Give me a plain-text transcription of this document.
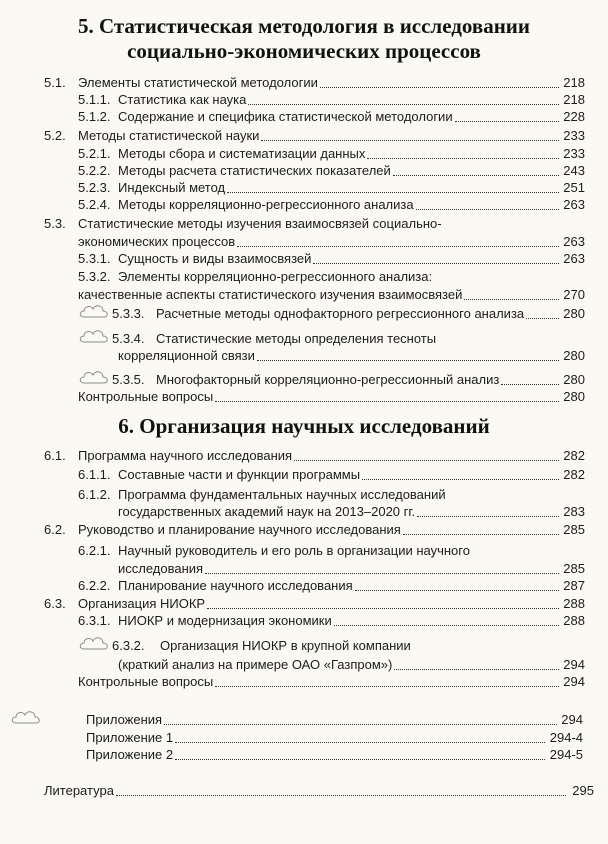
5. Статистическая методология в исследовании
социально-экономических процессов
5.1. Элементы статистической методологии	218
5.1.1. Статистика как наука	218
5.1.2. Содержание и специфика статистической методологии	228
5.2. Методы статистической науки	233
5.2.1. Методы сбора и систематизации данных	233
5.2.2. Методы расчета статистических показателей	243
5.2.3. Индексный метод	251
5.2.4. Методы корреляционно-регрессионного анализа	263
5.3. Статистические методы изучения взаимосвязей социально-
экономических процессов	263
5.3.1. Сущность и виды взаимосвязей	263
5.3.2. Элементы корреляционно-регрессионного анализа:
качественные аспекты статистического изучения взаимосвязей	270
5.3.3. Расчетные методы однофакторного регрессионного анализа	280
5.3.4. Статистические методы определения тесноты
корреляционной связи	280
5.3.5. Многофакторный корреляционно-регрессионный анализ	280
Контрольные вопросы	280
6. Организация научных исследований
6.1. Программа научного исследования	282
6.1.1. Составные части и функции программы	282
6.1.2. Программа фундаментальных научных исследований
государственных академий наук на 2013–2020 гг.	283
6.2. Руководство и планирование научного исследования	285
6.2.1. Научный руководитель и его роль в организации научного
исследования	285
6.2.2. Планирование научного исследования	287
6.3. Организация НИОКР	288
6.3.1. НИОКР и модернизация экономики	288
6.3.2. Организация НИОКР в крупной компании
(краткий анализ на примере ОАО «Газпром»)	294
Контрольные вопросы	294
Приложения	294
Приложение 1	294-4
Приложение 2	294-5
Литература	295
